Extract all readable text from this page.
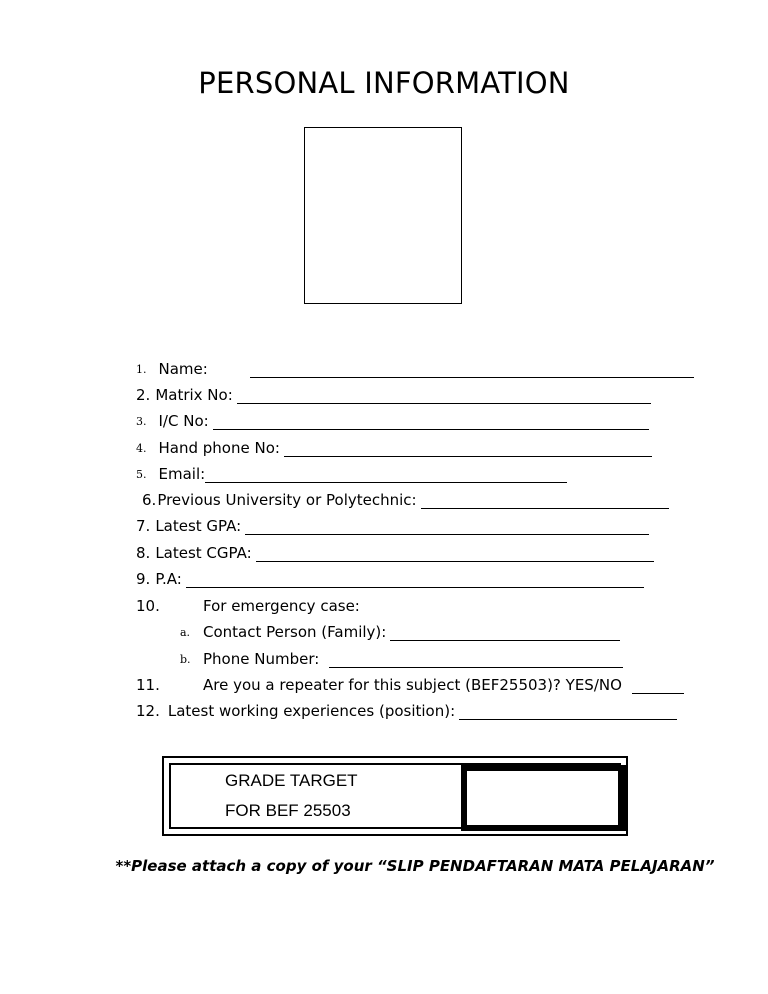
PERSONAL INFORMATION
1. Name:
2. Matrix No:
3. I/C No:
4. Hand phone No:
5. Email:
6. Previous University or Polytechnic:
7. Latest GPA:
8. Latest CGPA:
9. P.A:
10.	For emergency case:
a. Contact Person (Family):
b. Phone Number:
11.	Are you a repeater for this subject (BEF25503)? YES/NO
12. Latest working experiences (position):
GRADE TARGET
FOR BEF 25503
**Please attach a copy of your “SLIP PENDAFTARAN MATA PELAJARAN”
